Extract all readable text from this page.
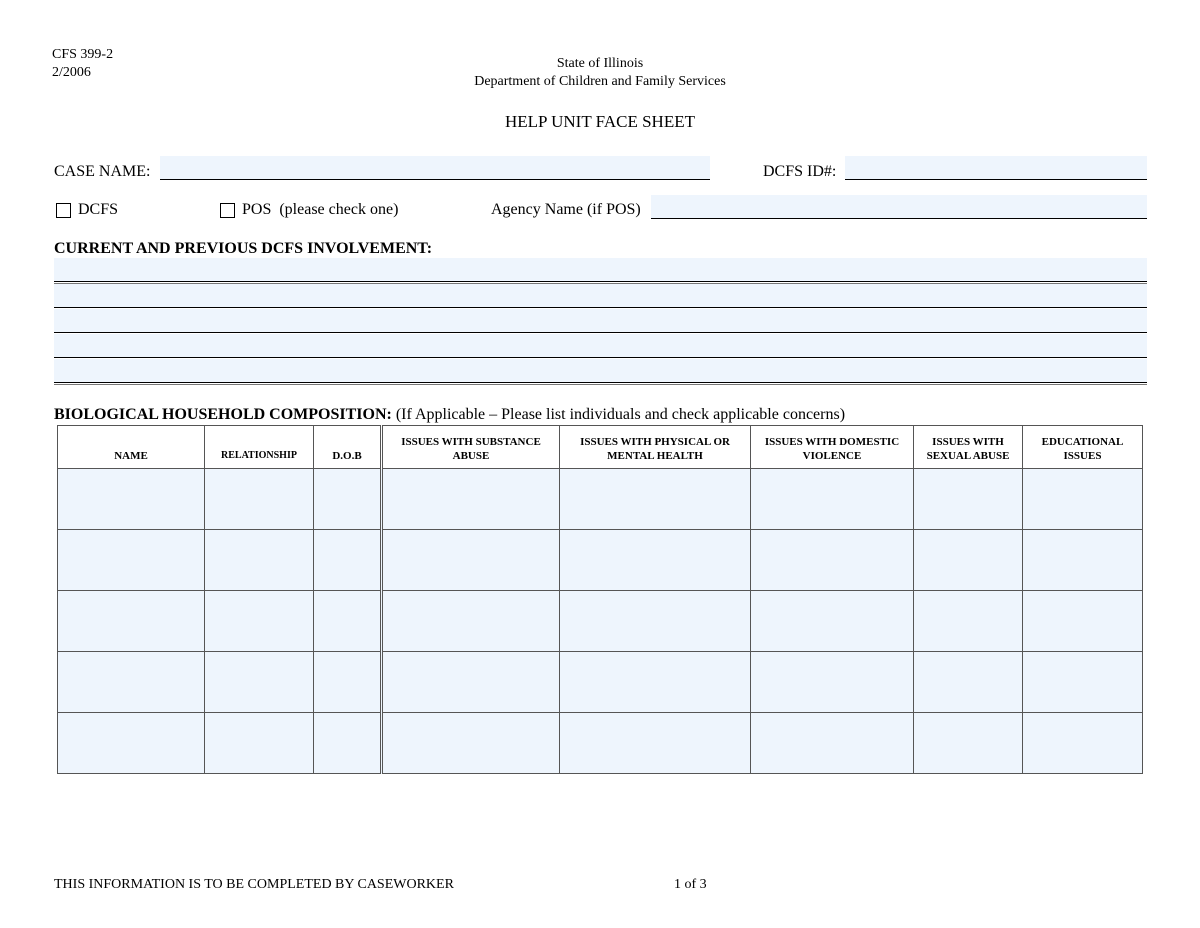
CFS 399-2
2/2006
State of Illinois
Department of Children and Family Services
HELP UNIT FACE SHEET
CASE NAME:	DCFS ID#:
DCFS	POS  (please check one)	Agency Name (if POS)
CURRENT AND PREVIOUS DCFS INVOLVEMENT:
BIOLOGICAL HOUSEHOLD COMPOSITION: (If Applicable – Please list individuals and check applicable concerns)
NAME	RELATIONSHIP	D.O.B	ISSUES WITH SUBSTANCE ABUSE	ISSUES WITH PHYSICAL OR MENTAL HEALTH	ISSUES WITH DOMESTIC VIOLENCE	ISSUES WITH SEXUAL ABUSE	EDUCATIONAL ISSUES

THIS INFORMATION IS TO BE COMPLETED BY CASEWORKER	1 of 3
